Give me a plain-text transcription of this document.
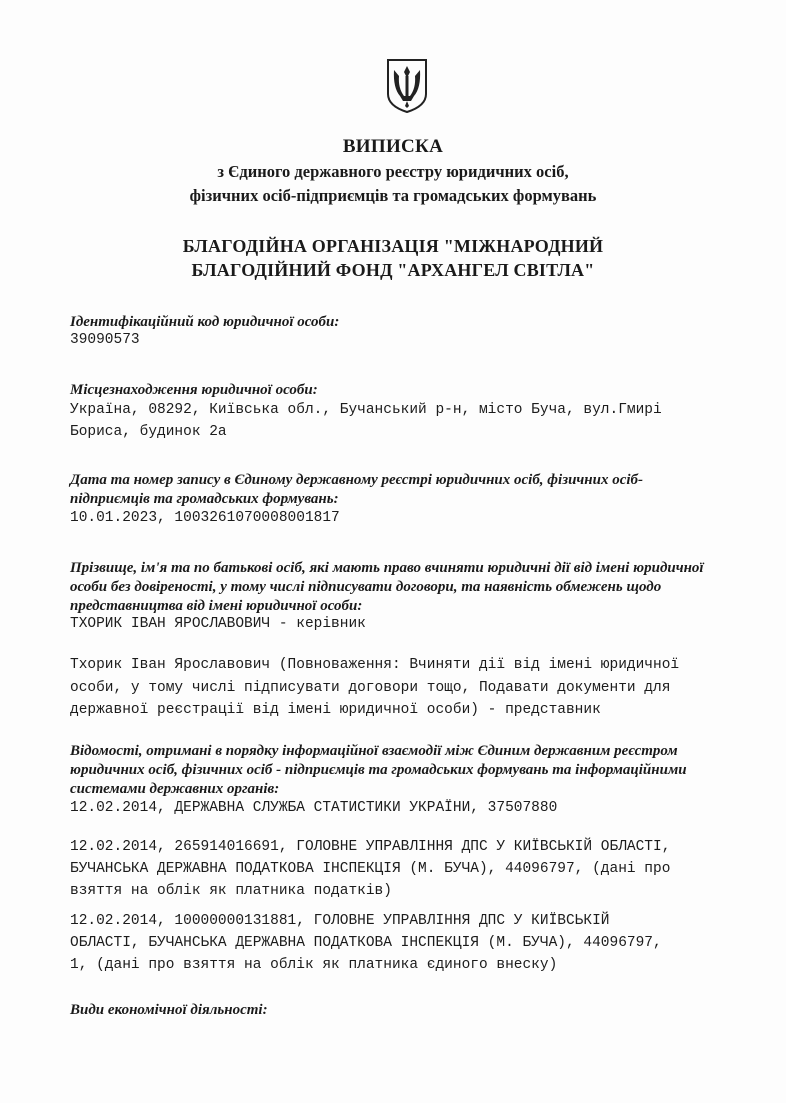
ВИПИСКА
з Єдиного державного реєстру юридичних осіб,
фізичних осіб-підприємців та громадських формувань
БЛАГОДІЙНА ОРГАНІЗАЦІЯ "МІЖНАРОДНИЙ
БЛАГОДІЙНИЙ ФОНД "АРХАНГЕЛ СВІТЛА"
Ідентифікаційний код юридичної особи:
39090573
Місцезнаходження юридичної особи:
Україна, 08292, Київська обл., Бучанський р-н, місто Буча, вул.Гмирі
Бориса, будинок 2а
Дата та номер запису в Єдиному державному реєстрі юридичних осіб, фізичних осіб-
підприємців та громадських формувань:
10.01.2023, 1003261070008001817
Прізвище, ім'я та по батькові осіб, які мають право вчиняти юридичні дії від імені юридичної
особи без довіреності, у тому числі підписувати договори, та наявність обмежень щодо
представництва від імені юридичної особи:
ТХОРИК ІВАН ЯРОСЛАВОВИЧ - керівник
Тхорик Іван Ярославович (Повноваження: Вчиняти дії від імені юридичної
особи, у тому числі підписувати договори тощо, Подавати документи для
державної реєстрації від імені юридичної особи) - представник
Відомості, отримані в порядку інформаційної взаємодії між Єдиним державним реєстром
юридичних осіб, фізичних осіб - підприємців та громадських формувань та інформаційними
системами державних органів:
12.02.2014, ДЕРЖАВНА СЛУЖБА СТАТИСТИКИ УКРАЇНИ, 37507880
12.02.2014, 265914016691, ГОЛОВНЕ УПРАВЛІННЯ ДПС У КИЇВСЬКІЙ ОБЛАСТІ,
БУЧАНСЬКА ДЕРЖАВНА ПОДАТКОВА ІНСПЕКЦІЯ (М. БУЧА), 44096797, (дані про
взяття на облік як платника податків)
12.02.2014, 10000000131881, ГОЛОВНЕ УПРАВЛІННЯ ДПС У КИЇВСЬКІЙ
ОБЛАСТІ, БУЧАНСЬКА ДЕРЖАВНА ПОДАТКОВА ІНСПЕКЦІЯ (М. БУЧА), 44096797,
1, (дані про взяття на облік як платника єдиного внеску)
Види економічної діяльності:
